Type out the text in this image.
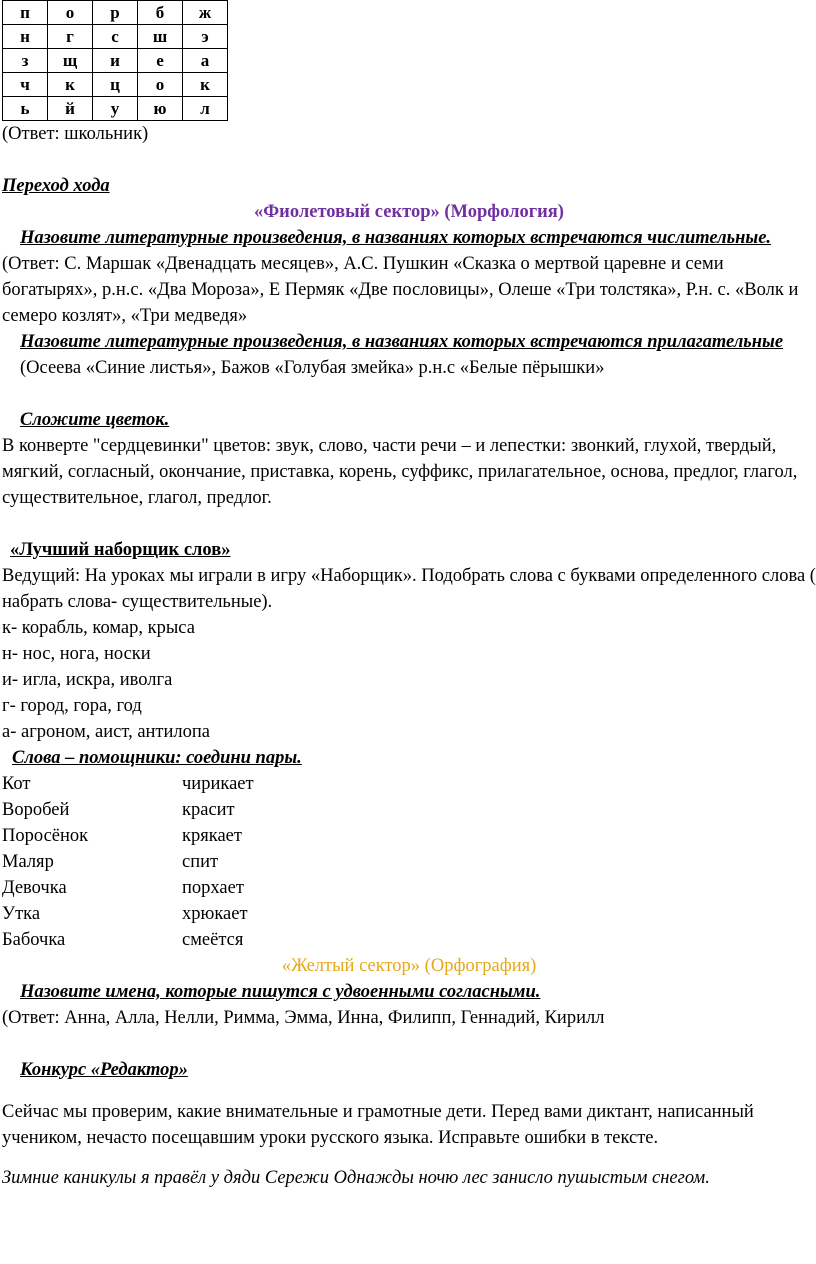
п	о	р	б	ж
н	г	с	ш	э
з	щ	и	е	а
ч	к	ц	о	к
ь	й	у	ю	л
(Ответ: школьник)
Переход хода
«Фиолетовый сектор» (Морфология)
Назовите литературные произведения, в названиях которых встречаются числительные.
(Ответ: С. Маршак «Двенадцать месяцев», А.С. Пушкин «Сказка о мертвой царевне и семи богатырях», р.н.с. «Два Мороза», Е Пермяк «Две пословицы», Олеше «Три толстяка», Р.н. с. «Волк и семеро козлят», «Три медведя»
Назовите литературные произведения, в названиях которых встречаются прилагательные (Осеева «Синие листья», Бажов «Голубая змейка» р.н.с «Белые пёрышки»
Сложите цветок.
В конверте "сердцевинки" цветов: звук, слово, части речи – и лепестки: звонкий, глухой, твердый, мягкий, согласный, окончание, приставка, корень, суффикс, прилагательное, основа, предлог, глагол, существительное, глагол, предлог.
«Лучший наборщик слов»
Ведущий: На уроках мы играли в игру «Наборщик». Подобрать слова с буквами определенного слова ( набрать слова- существительные).
к- корабль, комар, крыса
н- нос, нога, носки
и- игла, искра, иволга
г- город, гора, год
а- агроном, аист, антилопа
Слова – помощники: соедини пары.
Кот	чирикает
Воробей	красит
Поросёнок	крякает
Маляр	спит
Девочка	порхает
Утка	хрюкает
Бабочка	смеётся
«Желтый сектор» (Орфография)
Назовите имена, которые пишутся с удвоенными согласными.
(Ответ: Анна, Алла, Нелли, Римма, Эмма, Инна, Филипп, Геннадий, Кирилл
Конкурс «Редактор»
Сейчас мы проверим, какие внимательные и грамотные дети. Перед вами диктант, написанный учеником, нечасто посещавшим уроки русского языка. Исправьте ошибки в тексте.
Зимние каникулы я правёл у дяди Сережи Однажды ночю лес занисло пушыстым снегом.
